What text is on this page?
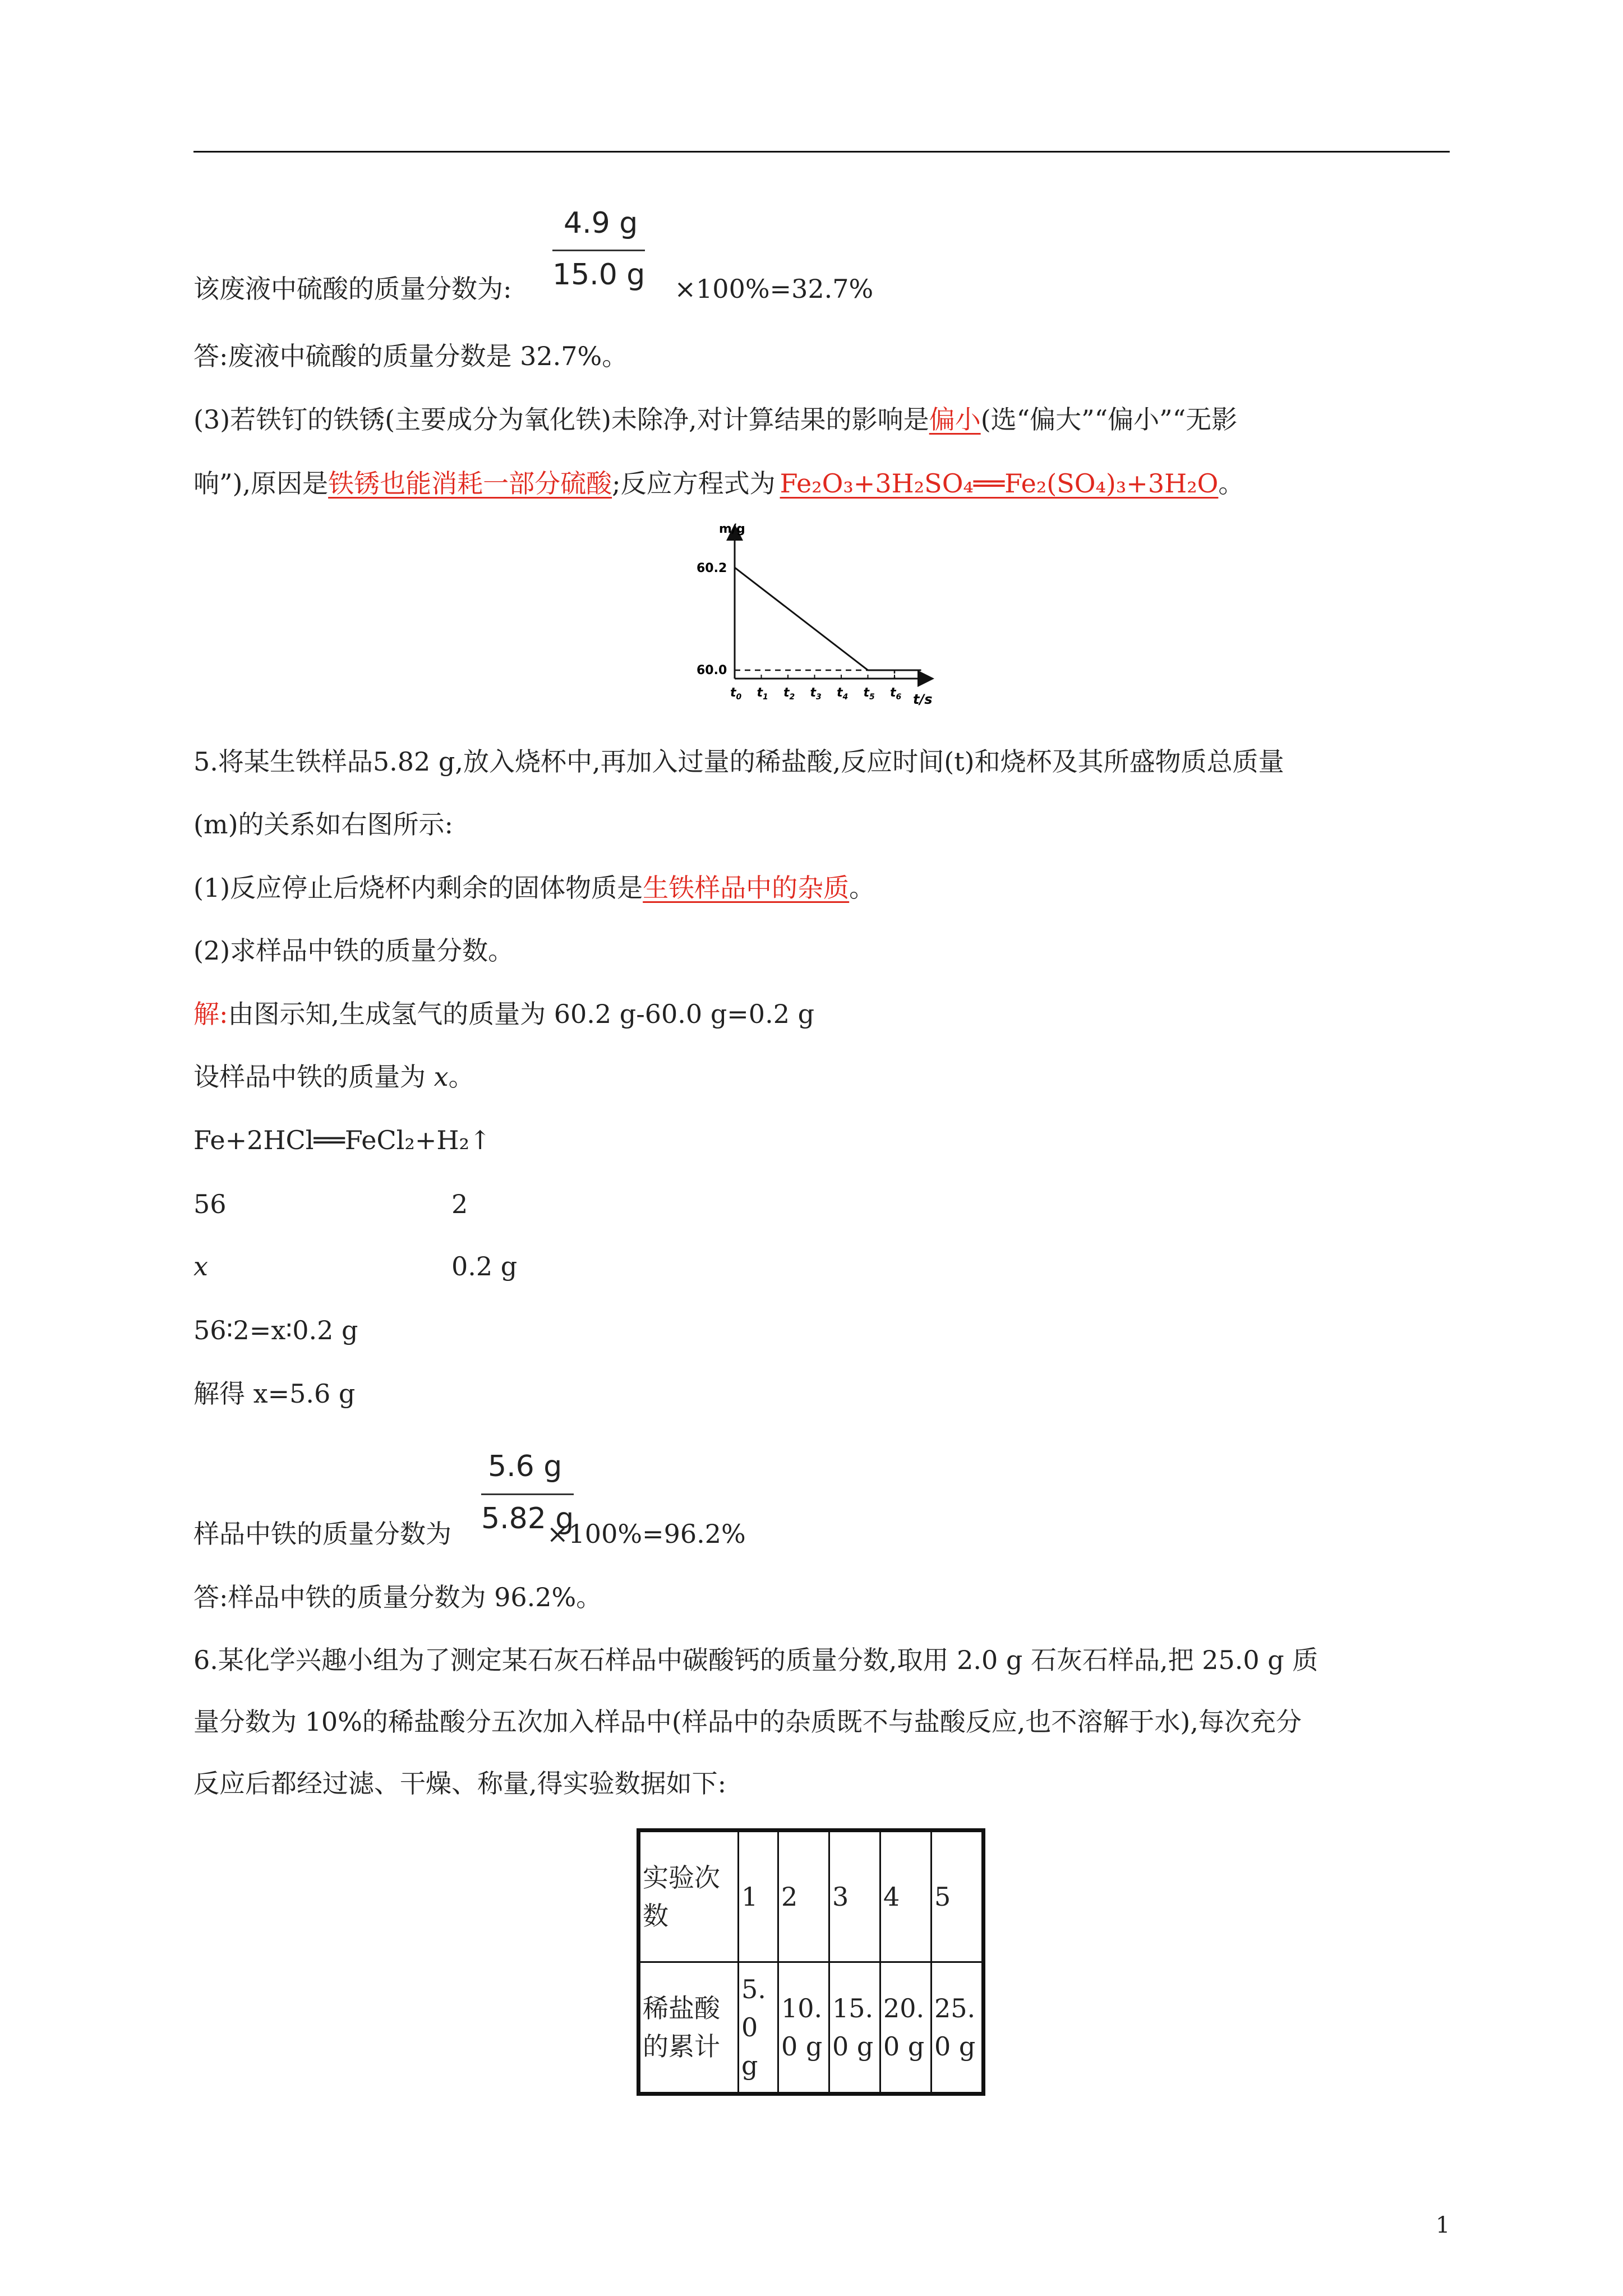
4.9 g
15.0 g
该废液中硫酸的质量分数为:	×100%=32.7%
答:废液中硫酸的质量分数是 32.7%。
(3)若铁钉的铁锈(主要成分为氧化铁)未除净,对计算结果的影响是偏小(选“偏大”“偏小”“无影
响”),原因是铁锈也能消耗一部分硫酸;反应方程式为 Fe₂O₃+3H₂SO₄══Fe₂(SO₄)₃+3H₂O。
m/g
t/s
60.2
60.0
$t_0$ $t_1$ $t_2$ $t_3$ $t_4$ $t_5$ $t_6$
5.将某生铁样品5.82 g,放入烧杯中,再加入过量的稀盐酸,反应时间(t)和烧杯及其所盛物质总质量
(m)的关系如右图所示:
(1)反应停止后烧杯内剩余的固体物质是生铁样品中的杂质。
(2)求样品中铁的质量分数。
解:由图示知,生成氢气的质量为 60.2 g-60.0 g=0.2 g
设样品中铁的质量为 x。
Fe+2HCl══FeCl₂+H₂↑
56	2
x	0.2 g
56∶2=x∶0.2 g
解得 x=5.6 g
5.6 g
5.82 g
样品中铁的质量分数为	×100%=96.2%
答:样品中铁的质量分数为 96.2%。
6.某化学兴趣小组为了测定某石灰石样品中碳酸钙的质量分数,取用 2.0 g 石灰石样品,把 25.0 g 质
量分数为 10%的稀盐酸分五次加入样品中(样品中的杂质既不与盐酸反应,也不溶解于水),每次充分
反应后都经过滤、干燥、称量,得实验数据如下:
实验次数	1	2	3	4	5
稀盐酸的累计	5.0 g	10.0 g	15.0 g	20.0 g	25.0 g
1
